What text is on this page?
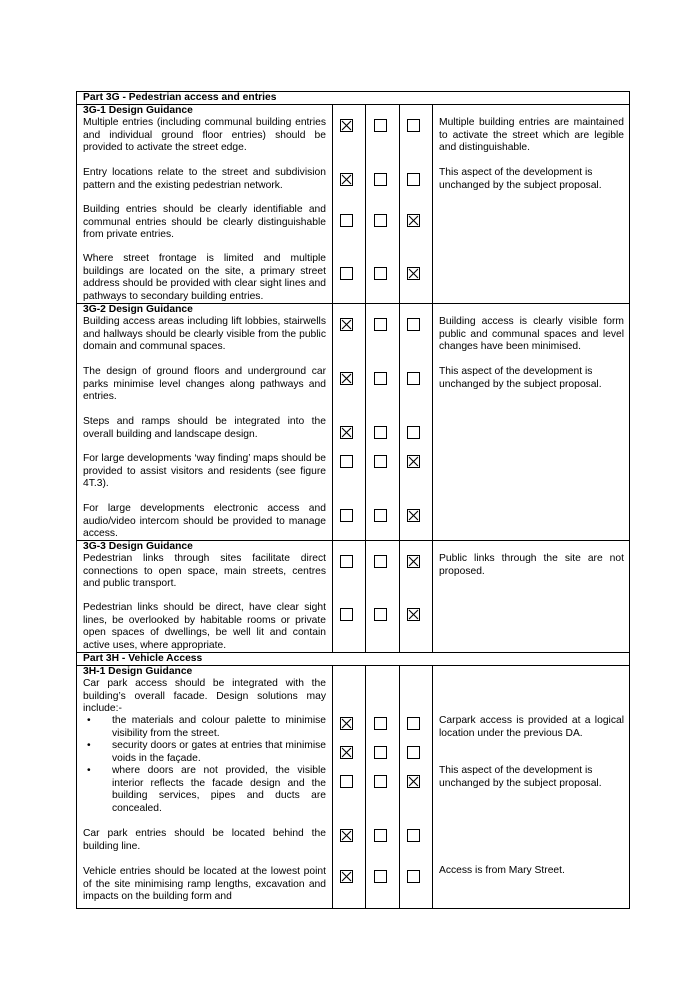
Part 3G - Pedestrian access and entries
3G-1 Design Guidance
Multiple entries (including communal building entries and individual ground floor entries) should be provided to activate the street edge.
Entry locations relate to the street and subdivision pattern and the existing pedestrian network.
Building entries should be clearly identifiable and communal entries should be clearly distinguishable from private entries.
Where street frontage is limited and multiple buildings are located on the site, a primary street address should be provided with clear sight lines and pathways to secondary building entries.
3G-2 Design Guidance
Building access areas including lift lobbies, stairwells and hallways should be clearly visible from the public domain and communal spaces.
The design of ground floors and underground car parks minimise level changes along pathways and entries.
Steps and ramps should be integrated into the overall building and landscape design.
For large developments ‘way finding’ maps should be provided to assist visitors and residents (see figure 4T.3).
For large developments electronic access and audio/video intercom should be provided to manage access.
3G-3 Design Guidance
Pedestrian links through sites facilitate direct connections to open space, main streets, centres and public transport.
Pedestrian links should be direct, have clear sight lines, be overlooked by habitable rooms or private open spaces of dwellings, be well lit and contain active uses, where appropriate.
Part 3H - Vehicle Access
3H-1 Design Guidance
Car park access should be integrated with the building’s overall facade. Design solutions may include:-
• the materials and colour palette to minimise visibility from the street.
• security doors or gates at entries that minimise voids in the façade.
• where doors are not provided, the visible interior reflects the facade design and the building services, pipes and ducts are concealed.
Car park entries should be located behind the building line.
Vehicle entries should be located at the lowest point of the site minimising ramp lengths, excavation and impacts on the building form and
Multiple building entries are maintained to activate the street which are legible and distinguishable.
This aspect of the development is unchanged by the subject proposal.
Building access is clearly visible form public and communal spaces and level changes have been minimised.
This aspect of the development is unchanged by the subject proposal.
Public links through the site are not proposed.
Carpark access is provided at a logical location under the previous DA.
This aspect of the development is unchanged by the subject proposal.
Access is from Mary Street.
